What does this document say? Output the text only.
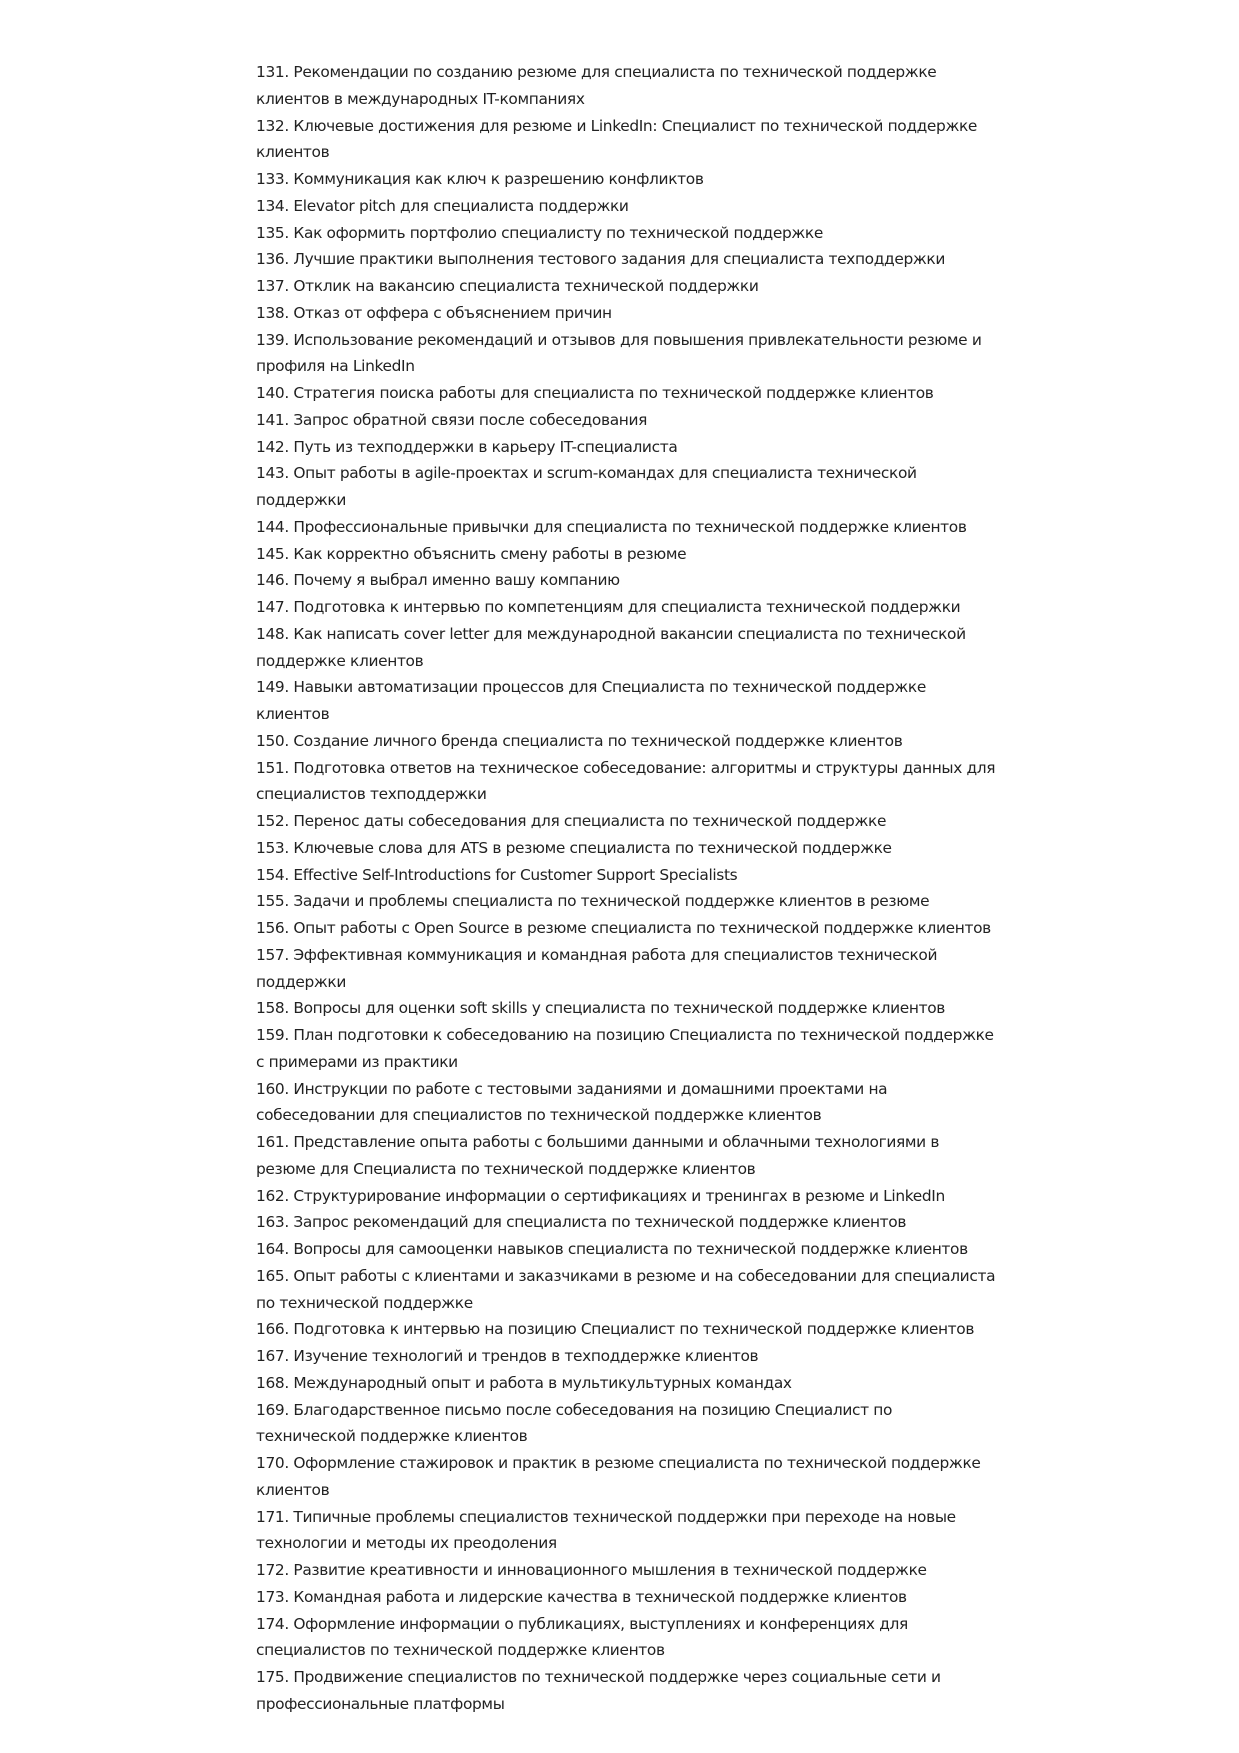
131. Рекомендации по созданию резюме для специалиста по технической поддержке клиентов в международных IT-компаниях

132. Ключевые достижения для резюме и LinkedIn: Специалист по технической поддержке клиентов

133. Коммуникация как ключ к разрешению конфликтов

134. Elevator pitch для специалиста поддержки

135. Как оформить портфолио специалисту по технической поддержке

136. Лучшие практики выполнения тестового задания для специалиста техподдержки

137. Отклик на вакансию специалиста технической поддержки

138. Отказ от оффера с объяснением причин

139. Использование рекомендаций и отзывов для повышения привлекательности резюме и профиля на LinkedIn

140. Стратегия поиска работы для специалиста по технической поддержке клиентов

141. Запрос обратной связи после собеседования

142. Путь из техподдержки в карьеру IT-специалиста

143. Опыт работы в agile-проектах и scrum-командах для специалиста технической поддержки

144. Профессиональные привычки для специалиста по технической поддержке клиентов

145. Как корректно объяснить смену работы в резюме

146. Почему я выбрал именно вашу компанию

147. Подготовка к интервью по компетенциям для специалиста технической поддержки

148. Как написать cover letter для международной вакансии специалиста по технической поддержке клиентов

149. Навыки автоматизации процессов для Специалиста по технической поддержке клиентов

150. Создание личного бренда специалиста по технической поддержке клиентов

151. Подготовка ответов на техническое собеседование: алгоритмы и структуры данных для специалистов техподдержки

152. Перенос даты собеседования для специалиста по технической поддержке

153. Ключевые слова для ATS в резюме специалиста по технической поддержке

154. Effective Self-Introductions for Customer Support Specialists

155. Задачи и проблемы специалиста по технической поддержке клиентов в резюме

156. Опыт работы с Open Source в резюме специалиста по технической поддержке клиентов

157. Эффективная коммуникация и командная работа для специалистов технической поддержки

158. Вопросы для оценки soft skills у специалиста по технической поддержке клиентов

159. План подготовки к собеседованию на позицию Специалиста по технической поддержке с примерами из практики

160. Инструкции по работе с тестовыми заданиями и домашними проектами на собеседовании для специалистов по технической поддержке клиентов

161. Представление опыта работы с большими данными и облачными технологиями в резюме для Специалиста по технической поддержке клиентов

162. Структурирование информации о сертификациях и тренингах в резюме и LinkedIn

163. Запрос рекомендаций для специалиста по технической поддержке клиентов

164. Вопросы для самооценки навыков специалиста по технической поддержке клиентов

165. Опыт работы с клиентами и заказчиками в резюме и на собеседовании для специалиста по технической поддержке

166. Подготовка к интервью на позицию Специалист по технической поддержке клиентов

167. Изучение технологий и трендов в техподдержке клиентов

168. Международный опыт и работа в мультикультурных командах

169. Благодарственное письмо после собеседования на позицию Специалист по технической поддержке клиентов

170. Оформление стажировок и практик в резюме специалиста по технической поддержке клиентов

171. Типичные проблемы специалистов технической поддержки при переходе на новые технологии и методы их преодоления

172. Развитие креативности и инновационного мышления в технической поддержке

173. Командная работа и лидерские качества в технической поддержке клиентов

174. Оформление информации о публикациях, выступлениях и конференциях для специалистов по технической поддержке клиентов

175. Продвижение специалистов по технической поддержке через социальные сети и профессиональные платформы
